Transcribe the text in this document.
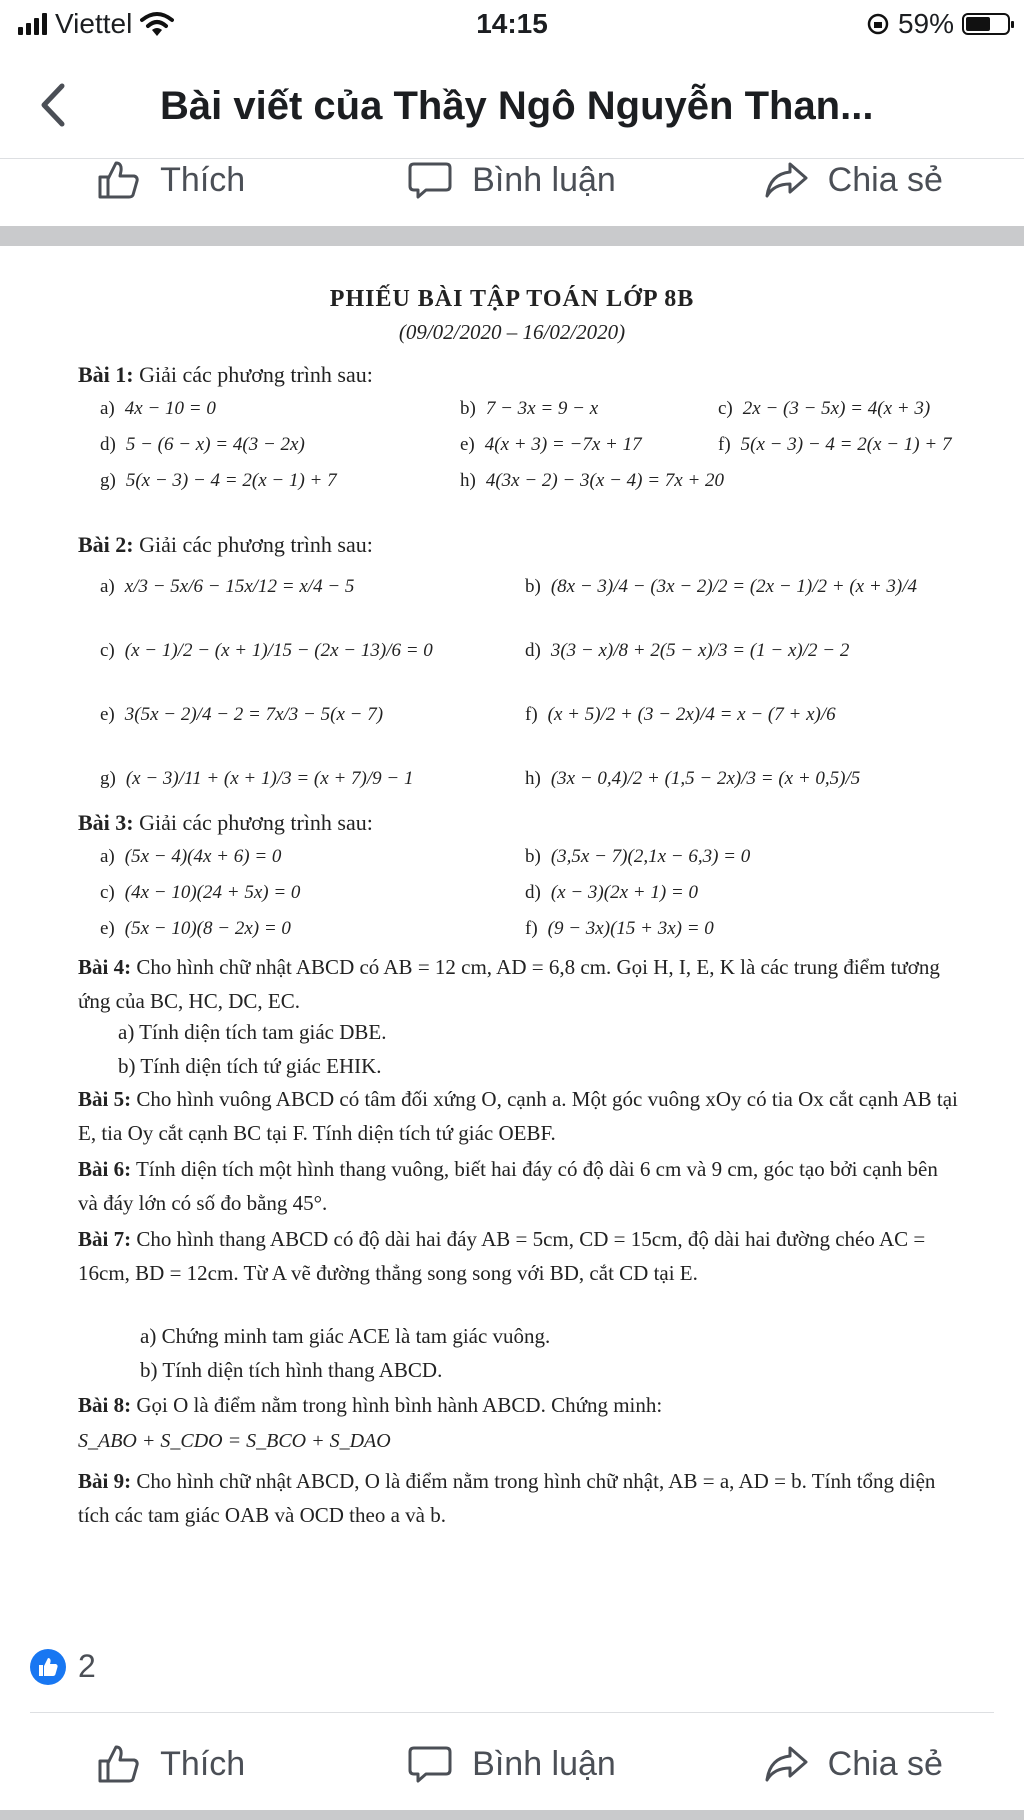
Viettel	14:15	59%
Bài viết của Thầy Ngô Nguyễn Than...
Thích	Bình luận	Chia sẻ
PHIẾU BÀI TẬP TOÁN LỚP 8B
(09/02/2020 – 16/02/2020)
Bài 1: Giải các phương trình sau:
a) 4x − 10 = 0	b) 7 − 3x = 9 − x	c) 2x − (3 − 5x) = 4(x + 3)
d) 5 − (6 − x) = 4(3 − 2x)	e) 4(x + 3) = −7x + 17	f) 5(x − 3) − 4 = 2(x − 1) + 7
g) 5(x − 3) − 4 = 2(x − 1) + 7	h) 4(3x − 2) − 3(x − 4) = 7x + 20
Bài 2: Giải các phương trình sau:
a) x/3 − 5x/6 − 15x/12 = x/4 − 5	b) (8x − 3)/4 − (3x − 2)/2 = (2x − 1)/2 + (x + 3)/4
c) (x − 1)/2 − (x + 1)/15 − (2x − 13)/6 = 0	d) 3(3 − x)/8 + 2(5 − x)/3 = (1 − x)/2 − 2
e) 3(5x − 2)/4 − 2 = 7x/3 − 5(x − 7)	f) (x + 5)/2 + (3 − 2x)/4 = x − (7 + x)/6
g) (x − 3)/11 + (x + 1)/3 = (x + 7)/9 − 1	h) (3x − 0,4)/2 + (1,5 − 2x)/3 = (x + 0,5)/5
Bài 3: Giải các phương trình sau:
a) (5x − 4)(4x + 6) = 0	b) (3,5x − 7)(2,1x − 6,3) = 0
c) (4x − 10)(24 + 5x) = 0	d) (x − 3)(2x + 1) = 0
e) (5x − 10)(8 − 2x) = 0	f) (9 − 3x)(15 + 3x) = 0
Bài 4: Cho hình chữ nhật ABCD có AB = 12 cm, AD = 6,8 cm. Gọi H, I, E, K là các trung điểm tương ứng của BC, HC, DC, EC.
a) Tính diện tích tam giác DBE.
b) Tính diện tích tứ giác EHIK.
Bài 5: Cho hình vuông ABCD có tâm đối xứng O, cạnh a. Một góc vuông xOy có tia Ox cắt cạnh AB tại E, tia Oy cắt cạnh BC tại F. Tính diện tích tứ giác OEBF.
Bài 6: Tính diện tích một hình thang vuông, biết hai đáy có độ dài 6 cm và 9 cm, góc tạo bởi cạnh bên và đáy lớn có số đo bằng 45°.
Bài 7: Cho hình thang ABCD có độ dài hai đáy AB = 5cm, CD = 15cm, độ dài hai đường chéo AC = 16cm, BD = 12cm. Từ A vẽ đường thẳng song song với BD, cắt CD tại E.
a) Chứng minh tam giác ACE là tam giác vuông.
b) Tính diện tích hình thang ABCD.
Bài 8: Gọi O là điểm nằm trong hình bình hành ABCD. Chứng minh:
S_ABO + S_CDO = S_BCO + S_DAO
Bài 9: Cho hình chữ nhật ABCD, O là điểm nằm trong hình chữ nhật, AB = a, AD = b. Tính tổng diện tích các tam giác OAB và OCD theo a và b.
2
Thích	Bình luận	Chia sẻ
